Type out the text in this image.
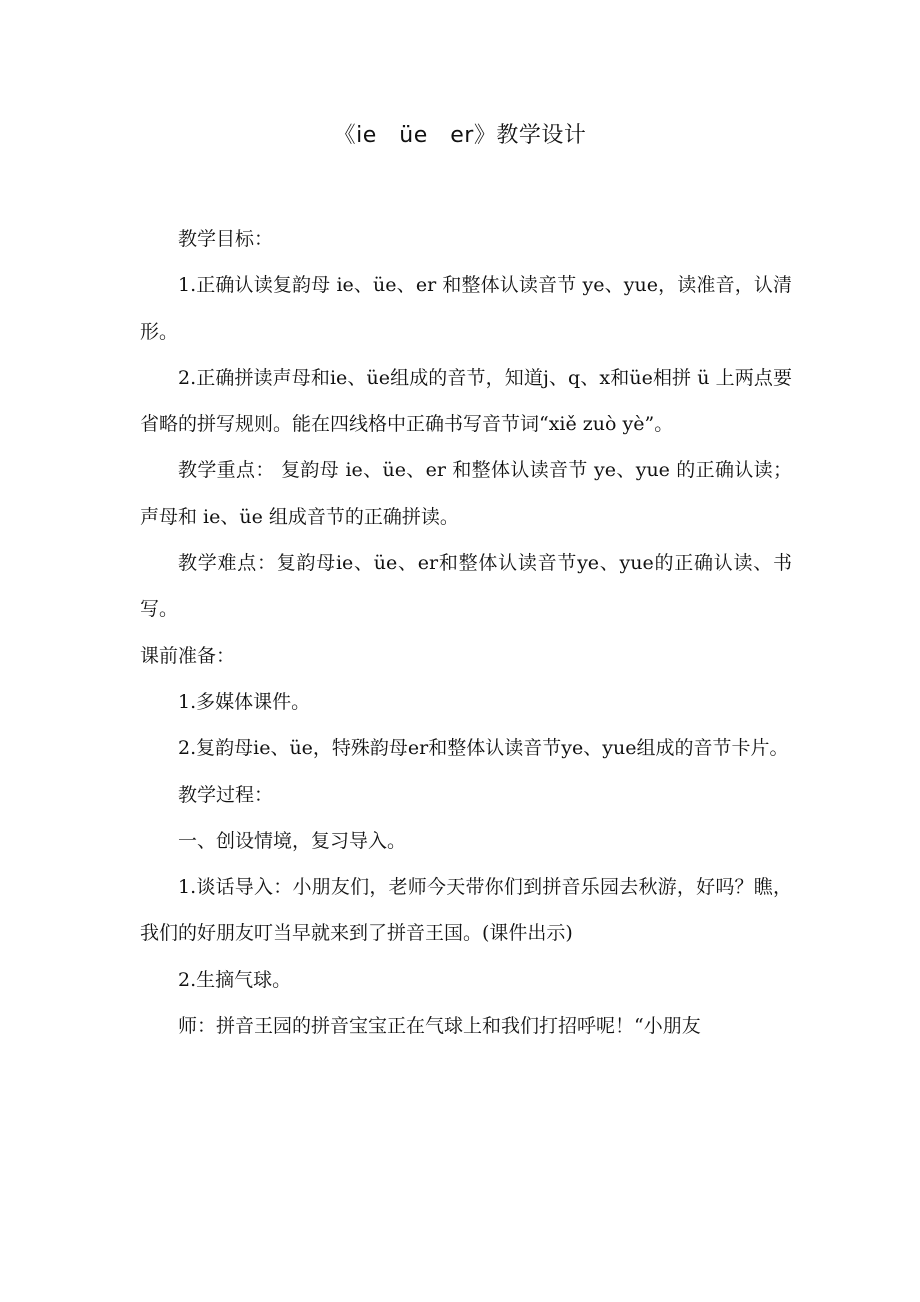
《ie　üe　er》教学设计

教学目标：

1.正确认读复韵母 ie、üe、er 和整体认读音节 ye、yue，读准音，认清形。

2.正确拼读声母和ie、üe组成的音节，知道j、q、x和üe相拼 ü 上两点要省略的拼写规则。能在四线格中正确书写音节词“xiě zuò yè”。

教学重点： 复韵母 ie、üe、er 和整体认读音节 ye、yue 的正确认读；声母和 ie、üe 组成音节的正确拼读。

教学难点：复韵母ie、üe、er和整体认读音节ye、yue的正确认读、书写。

课前准备：

1.多媒体课件。

2.复韵母ie、üe，特殊韵母er和整体认读音节ye、yue组成的音节卡片。

教学过程：

一、创设情境，复习导入。

1.谈话导入：小朋友们，老师今天带你们到拼音乐园去秋游，好吗？瞧，我们的好朋友叮当早就来到了拼音王国。(课件出示)

2.生摘气球。

师：拼音王园的拼音宝宝正在气球上和我们打招呼呢！“小朋友
